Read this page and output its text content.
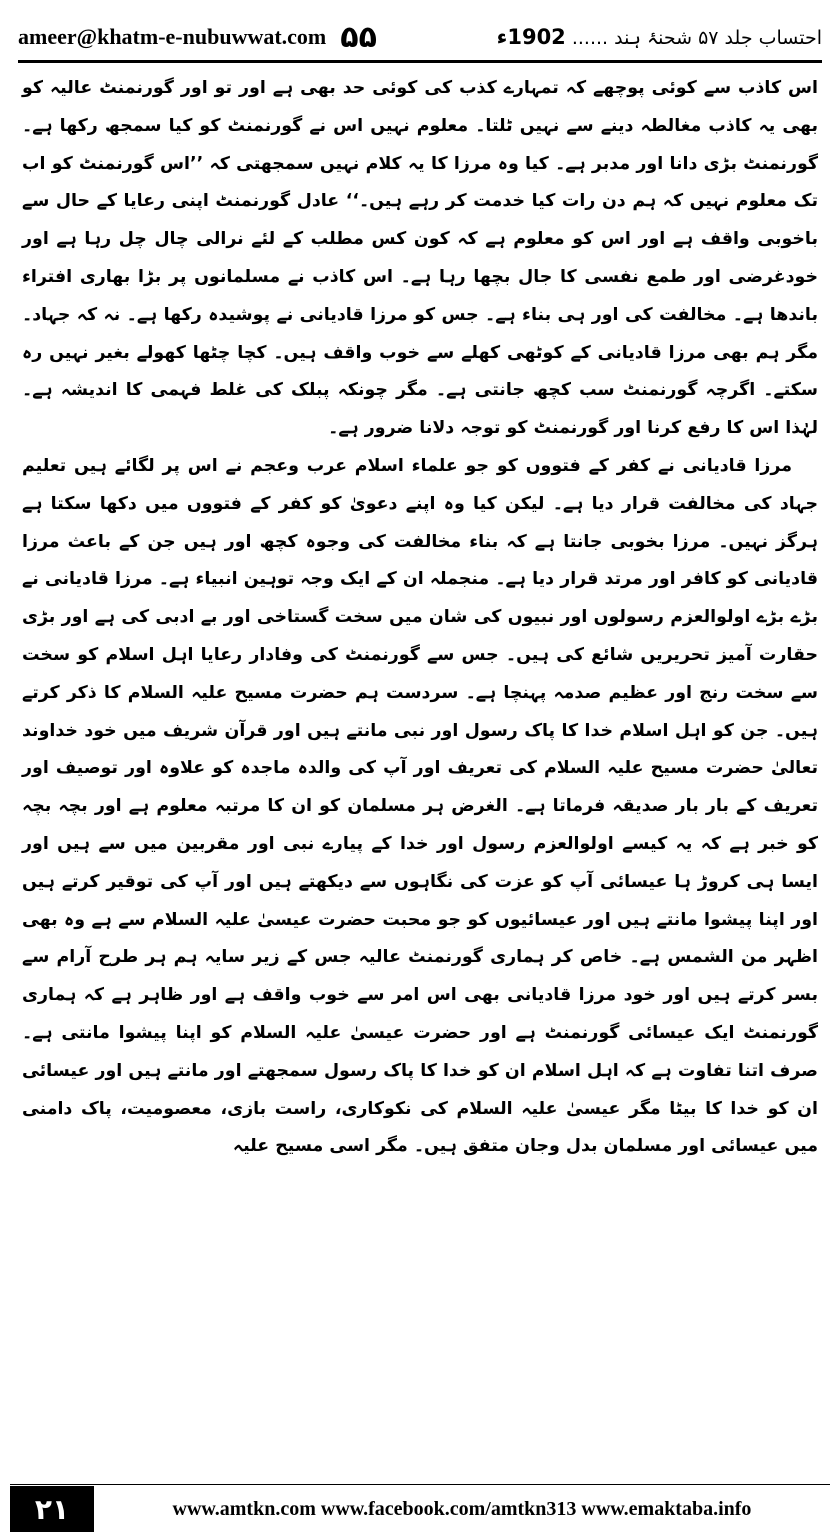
ameer@khatm-e-nubuwwat.com ۵۵	احتساب جلد ۵۷ شحنۂ ہند ...... 1902ء

اس کاذب سے کوئی پوچھے کہ تمہارے کذب کی کوئی حد بھی ہے اور تو اور گورنمنٹ عالیہ کو بھی یہ کاذب مغالطہ دینے سے نہیں ٹلتا۔ معلوم نہیں اس نے گورنمنٹ کو کیا سمجھ رکھا ہے۔ گورنمنٹ بڑی دانا اور مدبر ہے۔ کیا وہ مرزا کا یہ کلام نہیں سمجھتی کہ ’’اس گورنمنٹ کو اب تک معلوم نہیں کہ ہم دن رات کیا خدمت کر رہے ہیں۔‘‘ عادل گورنمنٹ اپنی رعایا کے حال سے باخوبی واقف ہے اور اس کو معلوم ہے کہ کون کس مطلب کے لئے نرالی چال چل رہا ہے اور خودغرضی اور طمع نفسی کا جال بچھا رہا ہے۔ اس کاذب نے مسلمانوں پر بڑا بھاری افتراء باندھا ہے۔ مخالفت کی اور ہی بناء ہے۔ جس کو مرزا قادیانی نے پوشیدہ رکھا ہے۔ نہ کہ جہاد۔ مگر ہم بھی مرزا قادیانی کے کوٹھی کھلے سے خوب واقف ہیں۔ کچا چٹھا کھولے بغیر نہیں رہ سکتے۔ اگرچہ گورنمنٹ سب کچھ جانتی ہے۔ مگر چونکہ پبلک کی غلط فہمی کا اندیشہ ہے۔ لہٰذا اس کا رفع کرنا اور گورنمنٹ کو توجہ دلانا ضرور ہے۔

مرزا قادیانی نے کفر کے فتووں کو جو علماء اسلام عرب وعجم نے اس پر لگائے ہیں تعلیم جہاد کی مخالفت قرار دیا ہے۔ لیکن کیا وہ اپنے دعویٰ کو کفر کے فتووں میں دکھا سکتا ہے ہرگز نہیں۔ مرزا بخوبی جانتا ہے کہ بناء مخالفت کی وجوہ کچھ اور ہیں جن کے باعث مرزا قادیانی کو کافر اور مرتد قرار دیا ہے۔ منجملہ ان کے ایک وجہ توہین انبیاء ہے۔ مرزا قادیانی نے بڑے بڑے اولوالعزم رسولوں اور نبیوں کی شان میں سخت گستاخی اور بے ادبی کی ہے اور بڑی حقارت آمیز تحریریں شائع کی ہیں۔ جس سے گورنمنٹ کی وفادار رعایا اہل اسلام کو سخت سے سخت رنج اور عظیم صدمہ پہنچا ہے۔ سردست ہم حضرت مسیح علیہ السلام کا ذکر کرتے ہیں۔ جن کو اہل اسلام خدا کا پاک رسول اور نبی مانتے ہیں اور قرآن شریف میں خود خداوند تعالیٰ حضرت مسیح علیہ السلام کی تعریف اور آپ کی والدہ ماجدہ کو علاوہ اور توصیف اور تعریف کے بار بار صدیقہ فرماتا ہے۔ الغرض ہر مسلمان کو ان کا مرتبہ معلوم ہے اور بچہ بچہ کو خبر ہے کہ یہ کیسے اولوالعزم رسول اور خدا کے پیارے نبی اور مقربین میں سے ہیں اور ایسا ہی کروڑ ہا عیسائی آپ کو عزت کی نگاہوں سے دیکھتے ہیں اور آپ کی توقیر کرتے ہیں اور اپنا پیشوا مانتے ہیں اور عیسائیوں کو جو محبت حضرت عیسیٰ علیہ السلام سے ہے وہ بھی اظہر من الشمس ہے۔ خاص کر ہماری گورنمنٹ عالیہ جس کے زیر سایہ ہم ہر طرح آرام سے بسر کرتے ہیں اور خود مرزا قادیانی بھی اس امر سے خوب واقف ہے اور ظاہر ہے کہ ہماری گورنمنٹ ایک عیسائی گورنمنٹ ہے اور حضرت عیسیٰ علیہ السلام کو اپنا پیشوا مانتی ہے۔ صرف اتنا تفاوت ہے کہ اہل اسلام ان کو خدا کا پاک رسول سمجھتے اور مانتے ہیں اور عیسائی ان کو خدا کا بیٹا مگر عیسیٰ علیہ السلام کی نکوکاری، راست بازی، معصومیت، پاک دامنی میں عیسائی اور مسلمان بدل وجان متفق ہیں۔ مگر اسی مسیح علیہ

۲۱	www.amtkn.com www.facebook.com/amtkn313 www.emaktaba.info
